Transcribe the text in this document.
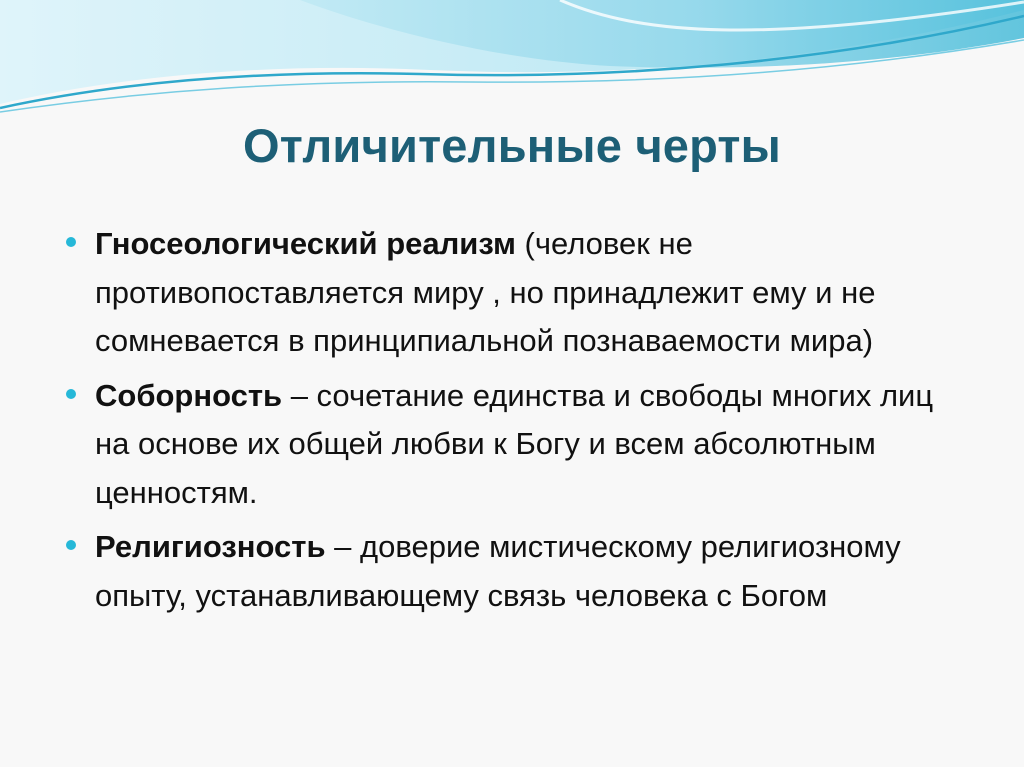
Отличительные черты
Гносеологический реализм (человек не противопоставляется миру , но принадлежит ему и не сомневается в принципиальной познаваемости мира)
Соборность – сочетание единства и свободы многих лиц на основе их общей любви к Богу и всем абсолютным ценностям.
Религиозность – доверие мистическому религиозному опыту, устанавливающему связь человека с Богом
